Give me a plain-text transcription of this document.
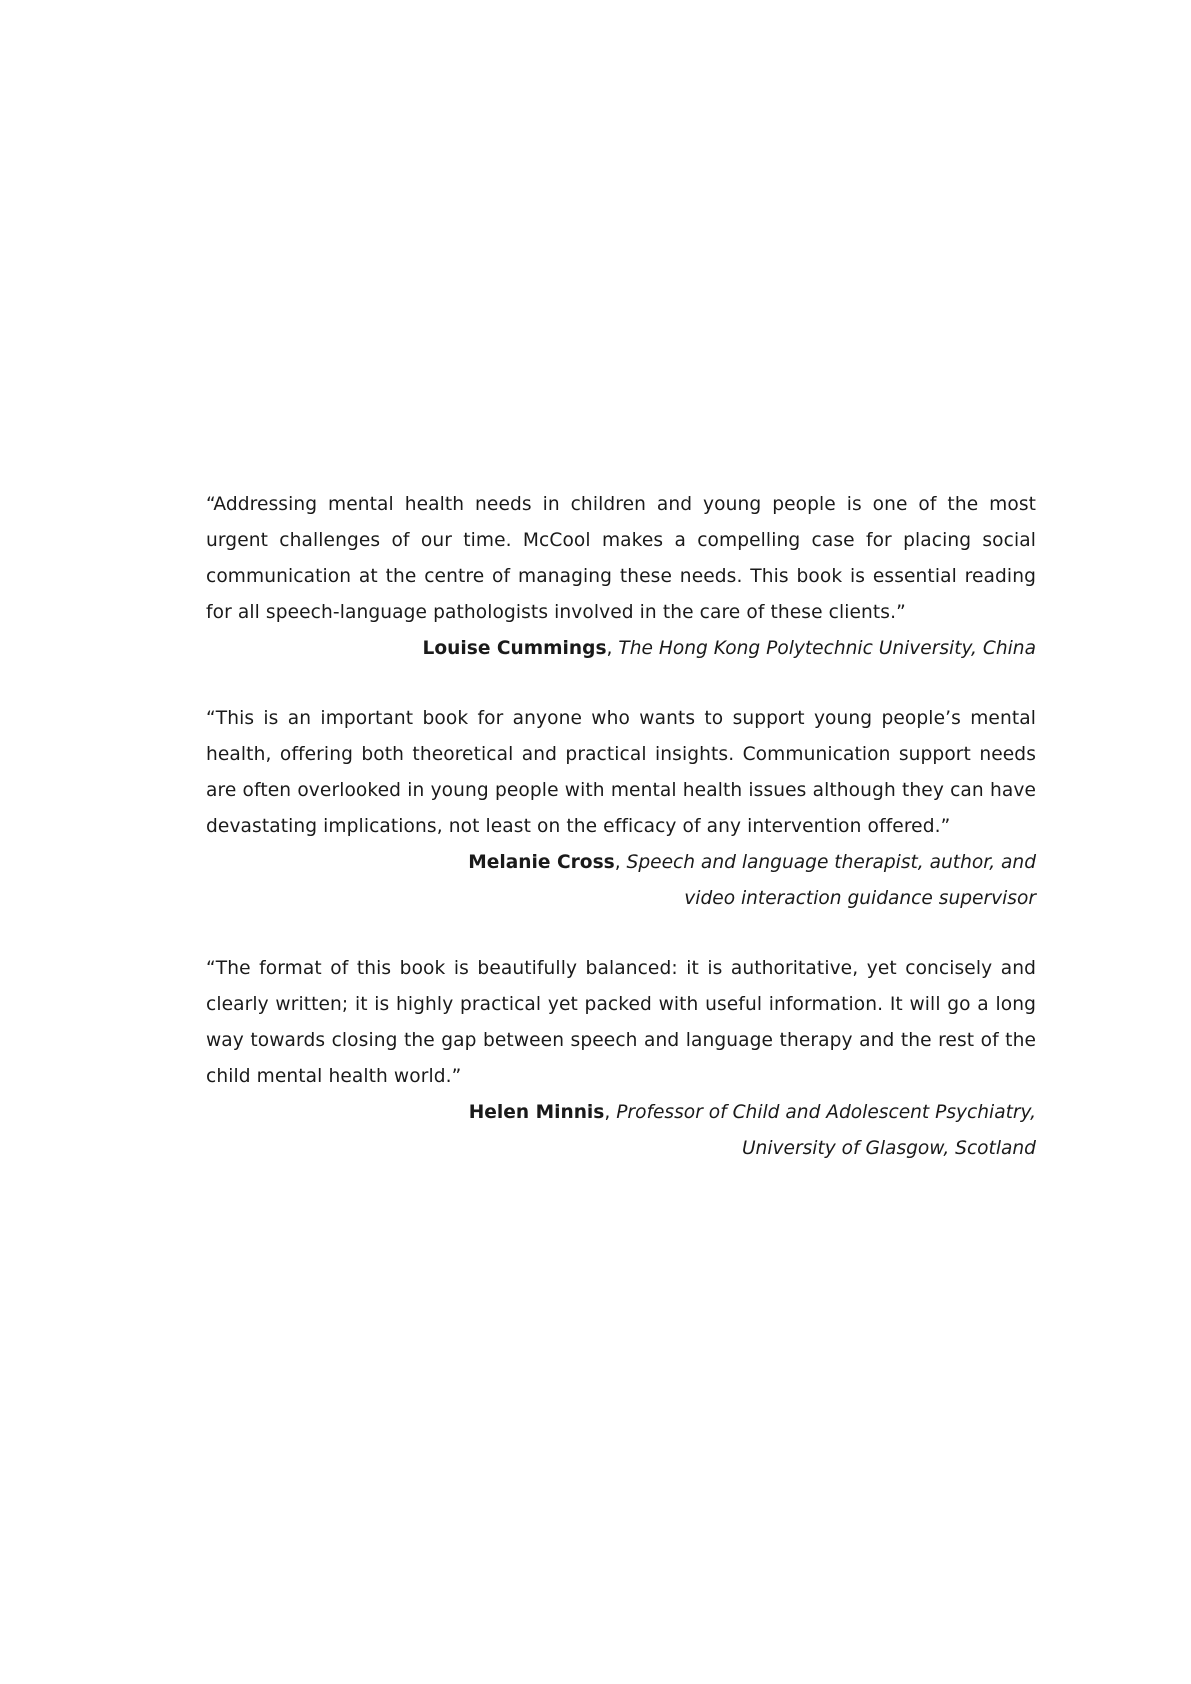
“Addressing mental health needs in children and young people is one of the most urgent challenges of our time. McCool makes a compelling case for placing social communication at the centre of managing these needs. This book is essential reading for all speech-language pathologists involved in the care of these clients.”

Louise Cummings, The Hong Kong Polytechnic University, China

“This is an important book for anyone who wants to support young people’s mental health, offering both theoretical and practical insights. Communication support needs are often overlooked in young people with mental health issues although they can have devastating implications, not least on the efficacy of any intervention offered.”

Melanie Cross, Speech and language therapist, author, and
video interaction guidance supervisor

“The format of this book is beautifully balanced: it is authoritative, yet concisely and clearly written; it is highly practical yet packed with useful information. It will go a long way towards closing the gap between speech and language therapy and the rest of the child mental health world.”

Helen Minnis, Professor of Child and Adolescent Psychiatry,
University of Glasgow, Scotland
